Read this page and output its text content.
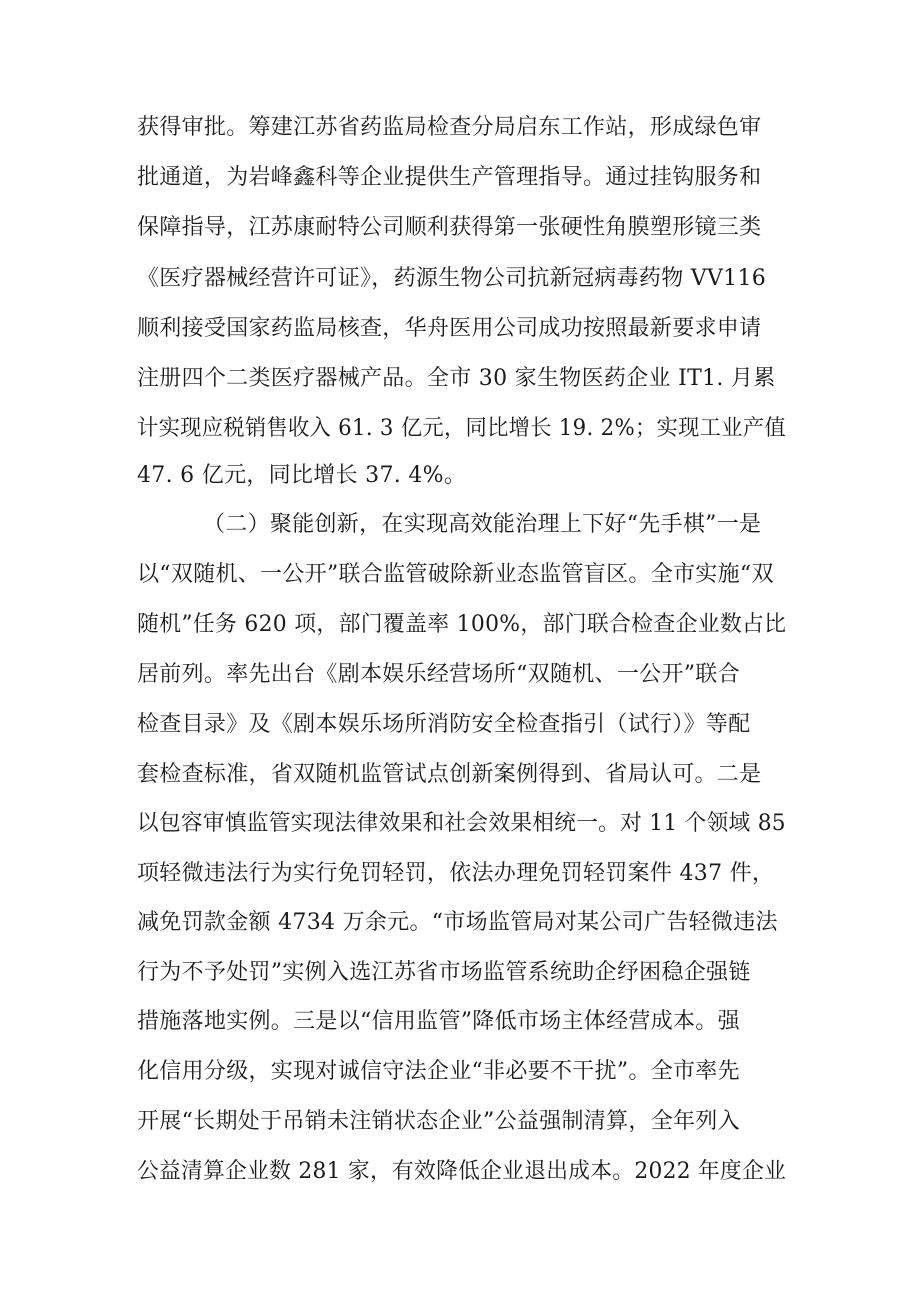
获得审批。筹建江苏省药监局检查分局启东工作站，形成绿色审
批通道，为岩峰鑫科等企业提供生产管理指导。通过挂钩服务和
保障指导，江苏康耐特公司顺利获得第一张硬性角膜塑形镜三类
《医疗器械经营许可证》，药源生物公司抗新冠病毒药物 VV116
顺利接受国家药监局核查，华舟医用公司成功按照最新要求申请
注册四个二类医疗器械产品。全市 30 家生物医药企业 IT1. 月累
计实现应税销售收入 61. 3 亿元，同比增长 19. 2%；实现工业产值
47. 6 亿元，同比增长 37. 4%。
（二）聚能创新，在实现高效能治理上下好“先手棋”一是
以“双随机、一公开”联合监管破除新业态监管盲区。全市实施“双
随机”任务 620 项，部门覆盖率 100%，部门联合检查企业数占比
居前列。率先出台《剧本娱乐经营场所“双随机、一公开”联合
检查目录》及《剧本娱乐场所消防安全检查指引（试行）》等配
套检查标准，省双随机监管试点创新案例得到、省局认可。二是
以包容审慎监管实现法律效果和社会效果相统一。对 11 个领域 85
项轻微违法行为实行免罚轻罚，依法办理免罚轻罚案件 437 件，
减免罚款金额 4734 万余元。“市场监管局对某公司广告轻微违法
行为不予处罚”实例入选江苏省市场监管系统助企纾困稳企强链
措施落地实例。三是以“信用监管”降低市场主体经营成本。强
化信用分级，实现对诚信守法企业“非必要不干扰”。全市率先
开展“长期处于吊销未注销状态企业”公益强制清算，全年列入
公益清算企业数 281 家，有效降低企业退出成本。2022 年度企业
